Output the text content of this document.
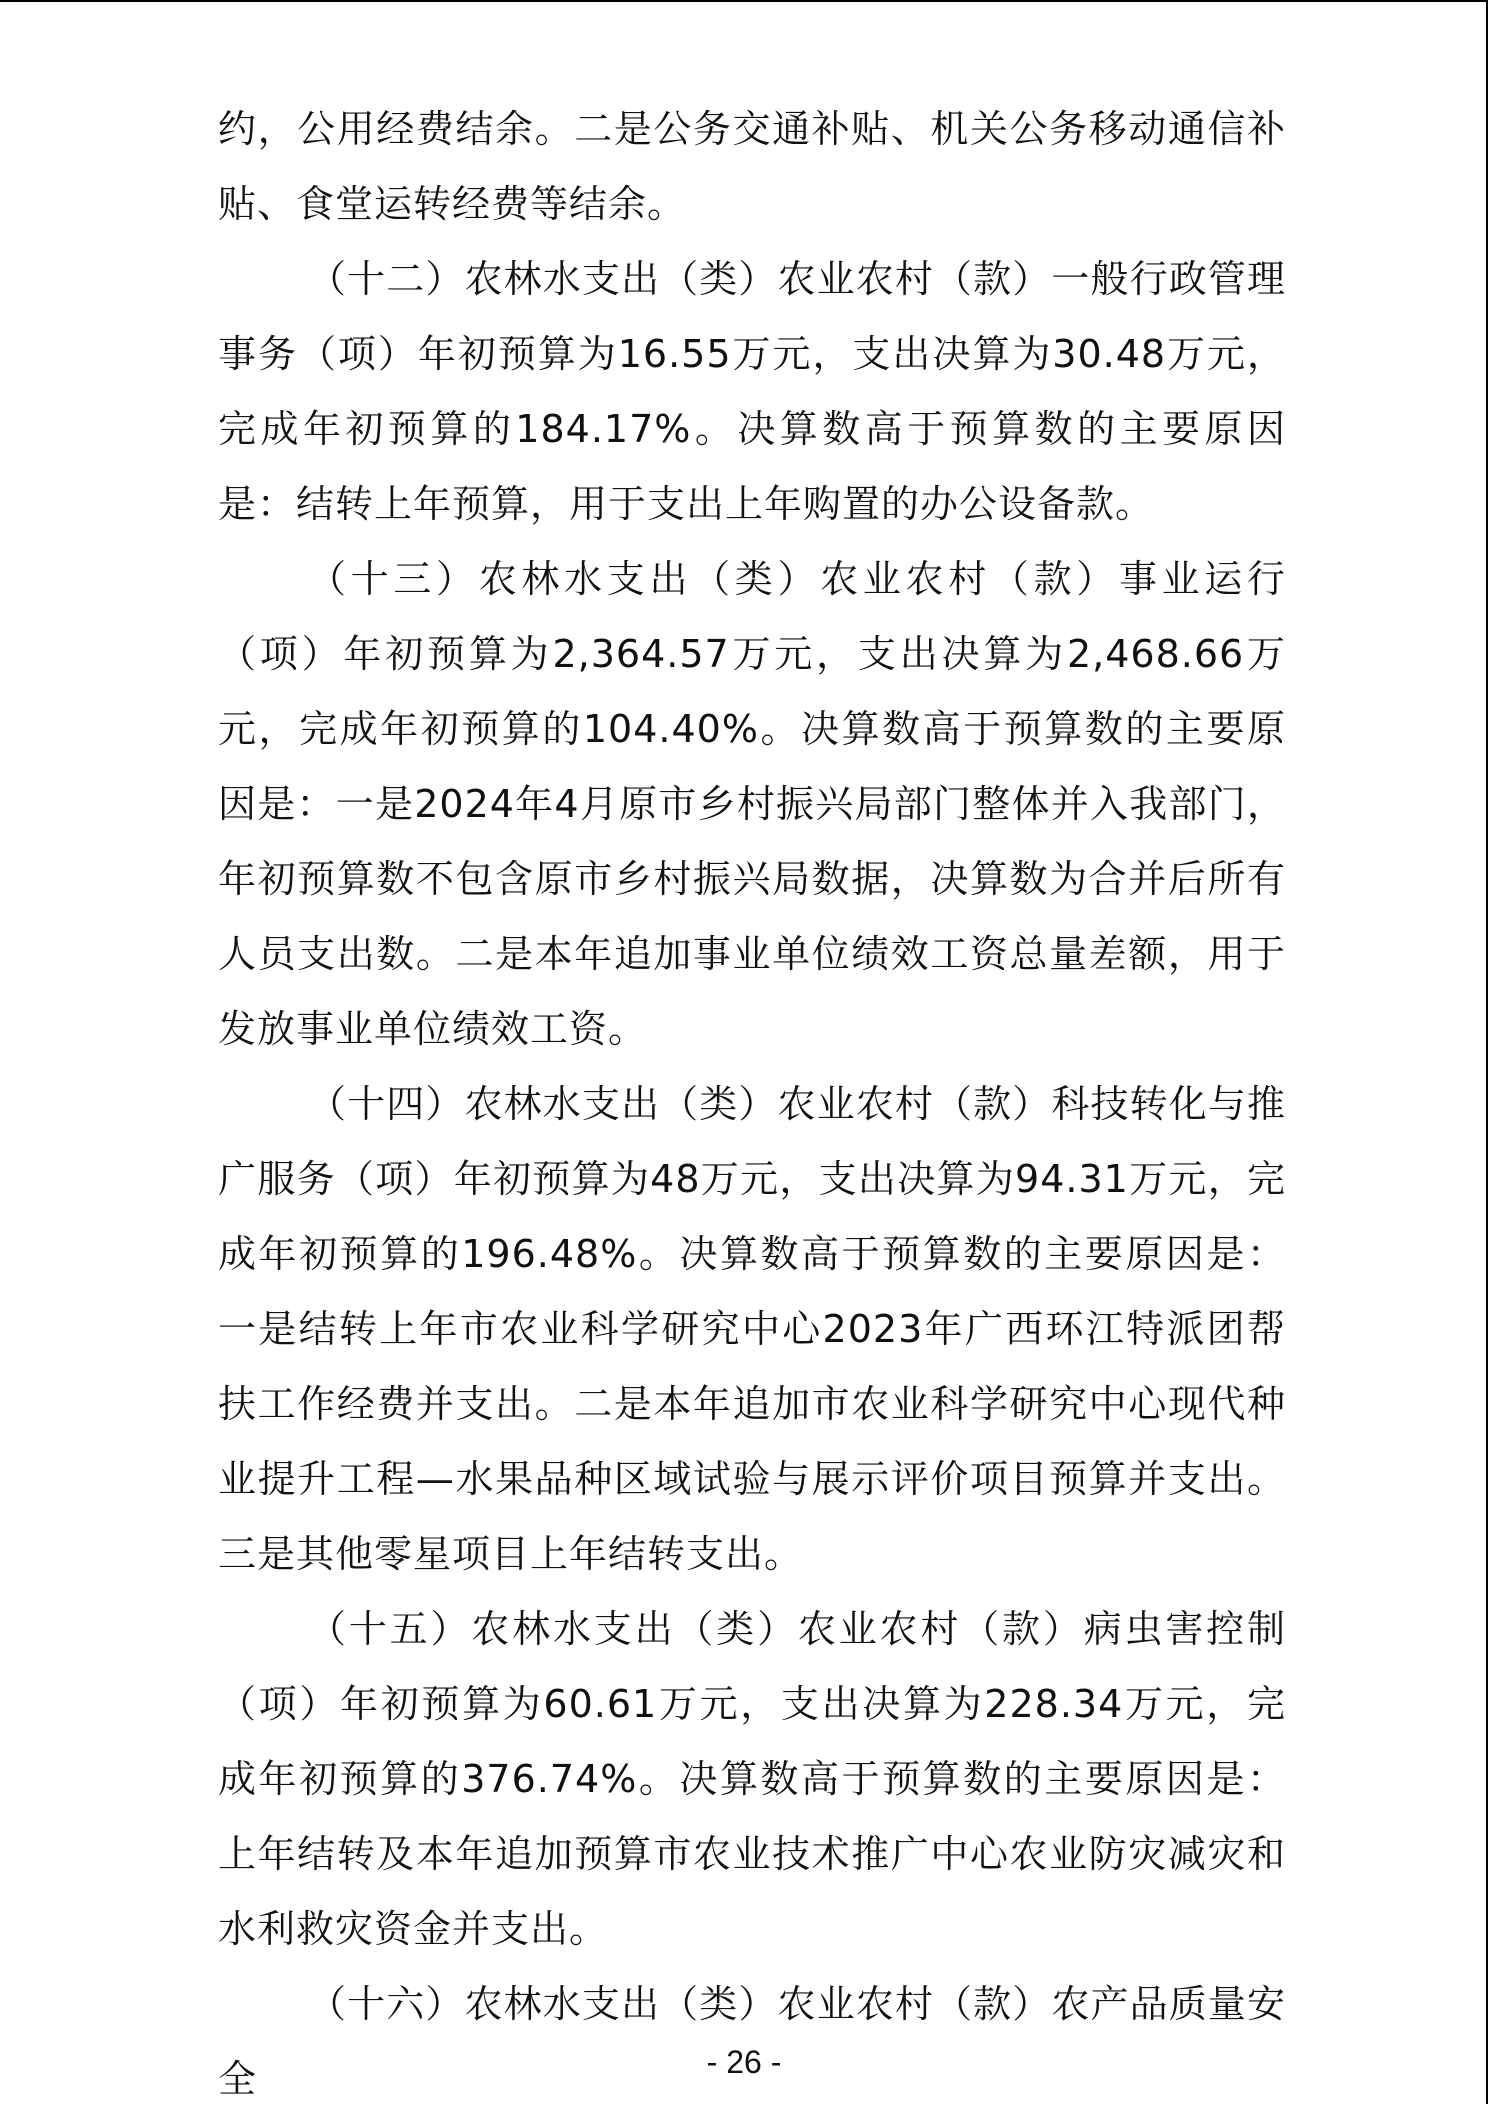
约，公用经费结余。二是公务交通补贴、机关公务移动通信补贴、食堂运转经费等结余。

（十二）农林水支出（类）农业农村（款）一般行政管理事务（项）年初预算为16.55万元，支出决算为30.48万元，完成年初预算的184.17%。决算数高于预算数的主要原因是：结转上年预算，用于支出上年购置的办公设备款。

（十三）农林水支出（类）农业农村（款）事业运行（项）年初预算为2,364.57万元，支出决算为2,468.66万元，完成年初预算的104.40%。决算数高于预算数的主要原因是：一是2024年4月原市乡村振兴局部门整体并入我部门，年初预算数不包含原市乡村振兴局数据，决算数为合并后所有人员支出数。二是本年追加事业单位绩效工资总量差额，用于发放事业单位绩效工资。

（十四）农林水支出（类）农业农村（款）科技转化与推广服务（项）年初预算为48万元，支出决算为94.31万元，完成年初预算的196.48%。决算数高于预算数的主要原因是：一是结转上年市农业科学研究中心2023年广西环江特派团帮扶工作经费并支出。二是本年追加市农业科学研究中心现代种业提升工程—水果品种区域试验与展示评价项目预算并支出。三是其他零星项目上年结转支出。

（十五）农林水支出（类）农业农村（款）病虫害控制（项）年初预算为60.61万元，支出决算为228.34万元，完成年初预算的376.74%。决算数高于预算数的主要原因是：上年结转及本年追加预算市农业技术推广中心农业防灾减灾和水利救灾资金并支出。

（十六）农林水支出（类）农业农村（款）农产品质量安全	- 26 -
